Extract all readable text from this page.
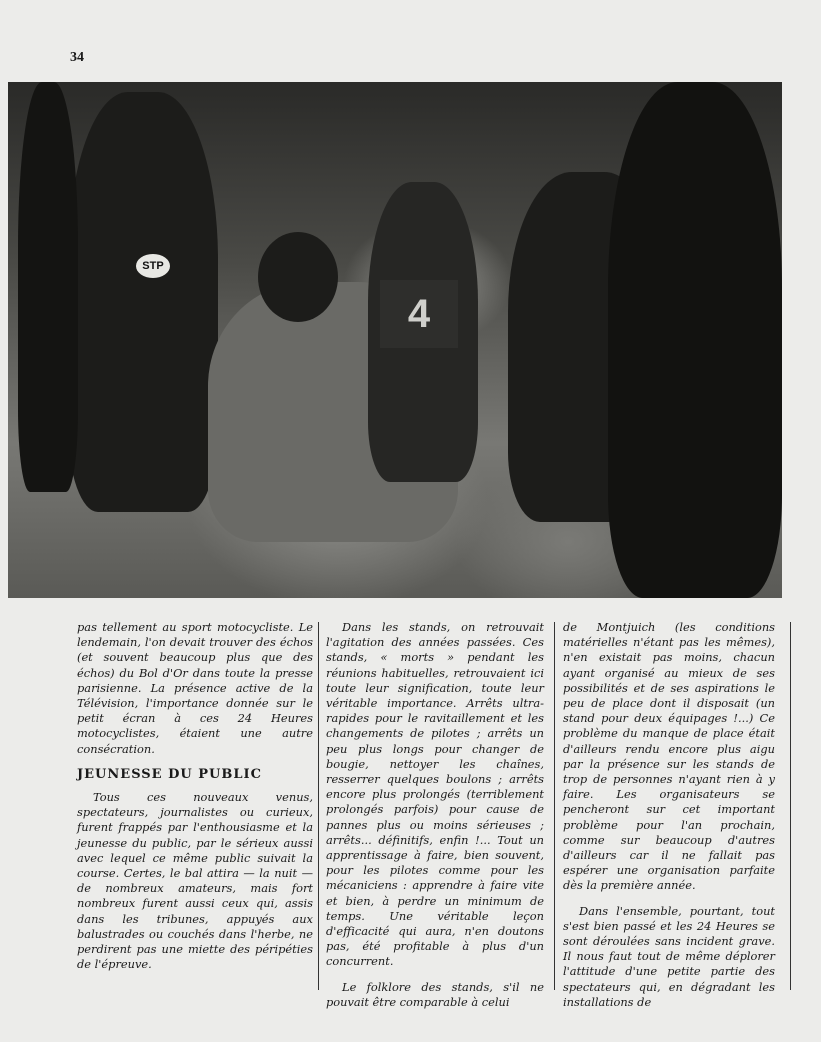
34
STP
4

pas tellement au sport motocycliste. Le lendemain, l'on devait trouver des échos (et souvent beaucoup plus que des échos) du Bol d'Or dans toute la presse parisienne. La présence active de la Télévision, l'importance donnée sur le petit écran à ces 24 Heures motocyclistes, étaient une autre consécration.

JEUNESSE DU PUBLIC

Tous ces nouveaux venus, spectateurs, journalistes ou curieux, furent frappés par l'enthousiasme et la jeunesse du public, par le sérieux aussi avec lequel ce même public suivait la course. Certes, le bal attira — la nuit — de nombreux amateurs, mais fort nombreux furent aussi ceux qui, assis dans les tribunes, appuyés aux balustrades ou couchés dans l'herbe, ne perdirent pas une miette des péripéties de l'épreuve.

Dans les stands, on retrouvait l'agitation des années passées. Ces stands, « morts » pendant les réunions habituelles, retrouvaient ici toute leur signification, toute leur véritable importance. Arrêts ultra-rapides pour le ravitaillement et les changements de pilotes ; arrêts un peu plus longs pour changer de bougie, nettoyer les chaînes, resserrer quelques boulons ; arrêts encore plus prolongés (terriblement prolongés parfois) pour cause de pannes plus ou moins sérieuses ; arrêts... définitifs, enfin !... Tout un apprentissage à faire, bien souvent, pour les pilotes comme pour les mécaniciens : apprendre à faire vite et bien, à perdre un minimum de temps. Une véritable leçon d'efficacité qui aura, n'en doutons pas, été profitable à plus d'un concurrent.

Le folklore des stands, s'il ne pouvait être comparable à celui

de Montjuich (les conditions matérielles n'étant pas les mêmes), n'en existait pas moins, chacun ayant organisé au mieux de ses possibilités et de ses aspirations le peu de place dont il disposait (un stand pour deux équipages !...) Ce problème du manque de place était d'ailleurs rendu encore plus aigu par la présence sur les stands de trop de personnes n'ayant rien à y faire. Les organisateurs se pencheront sur cet important problème pour l'an prochain, comme sur beaucoup d'autres d'ailleurs car il ne fallait pas espérer une organisation parfaite dès la première année.

Dans l'ensemble, pourtant, tout s'est bien passé et les 24 Heures se sont déroulées sans incident grave. Il nous faut tout de même déplorer l'attitude d'une petite partie des spectateurs qui, en dégradant les installations de
